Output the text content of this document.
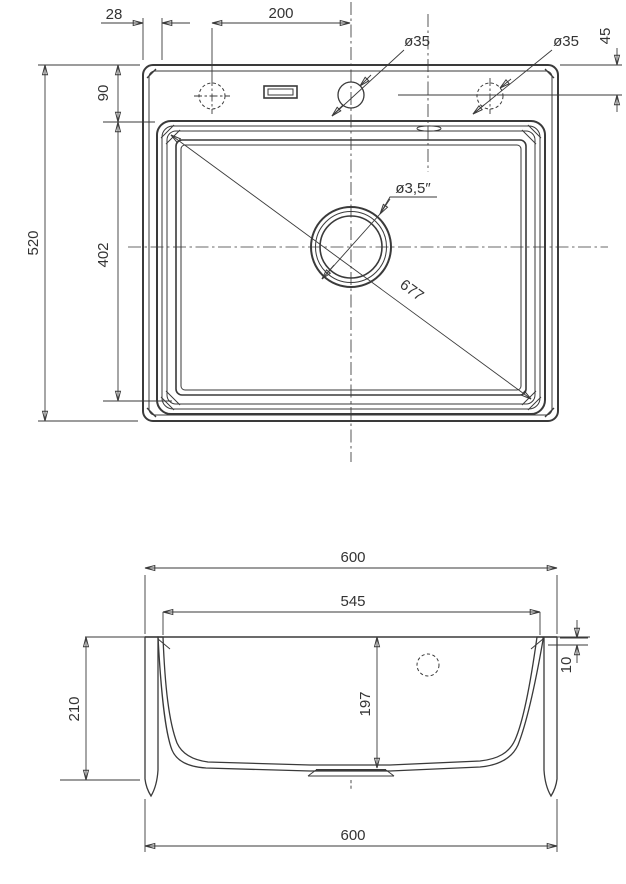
28	200
ø35	ø35 45
520
90
402
677
ø3,5″
600
545
10
210	197
600
